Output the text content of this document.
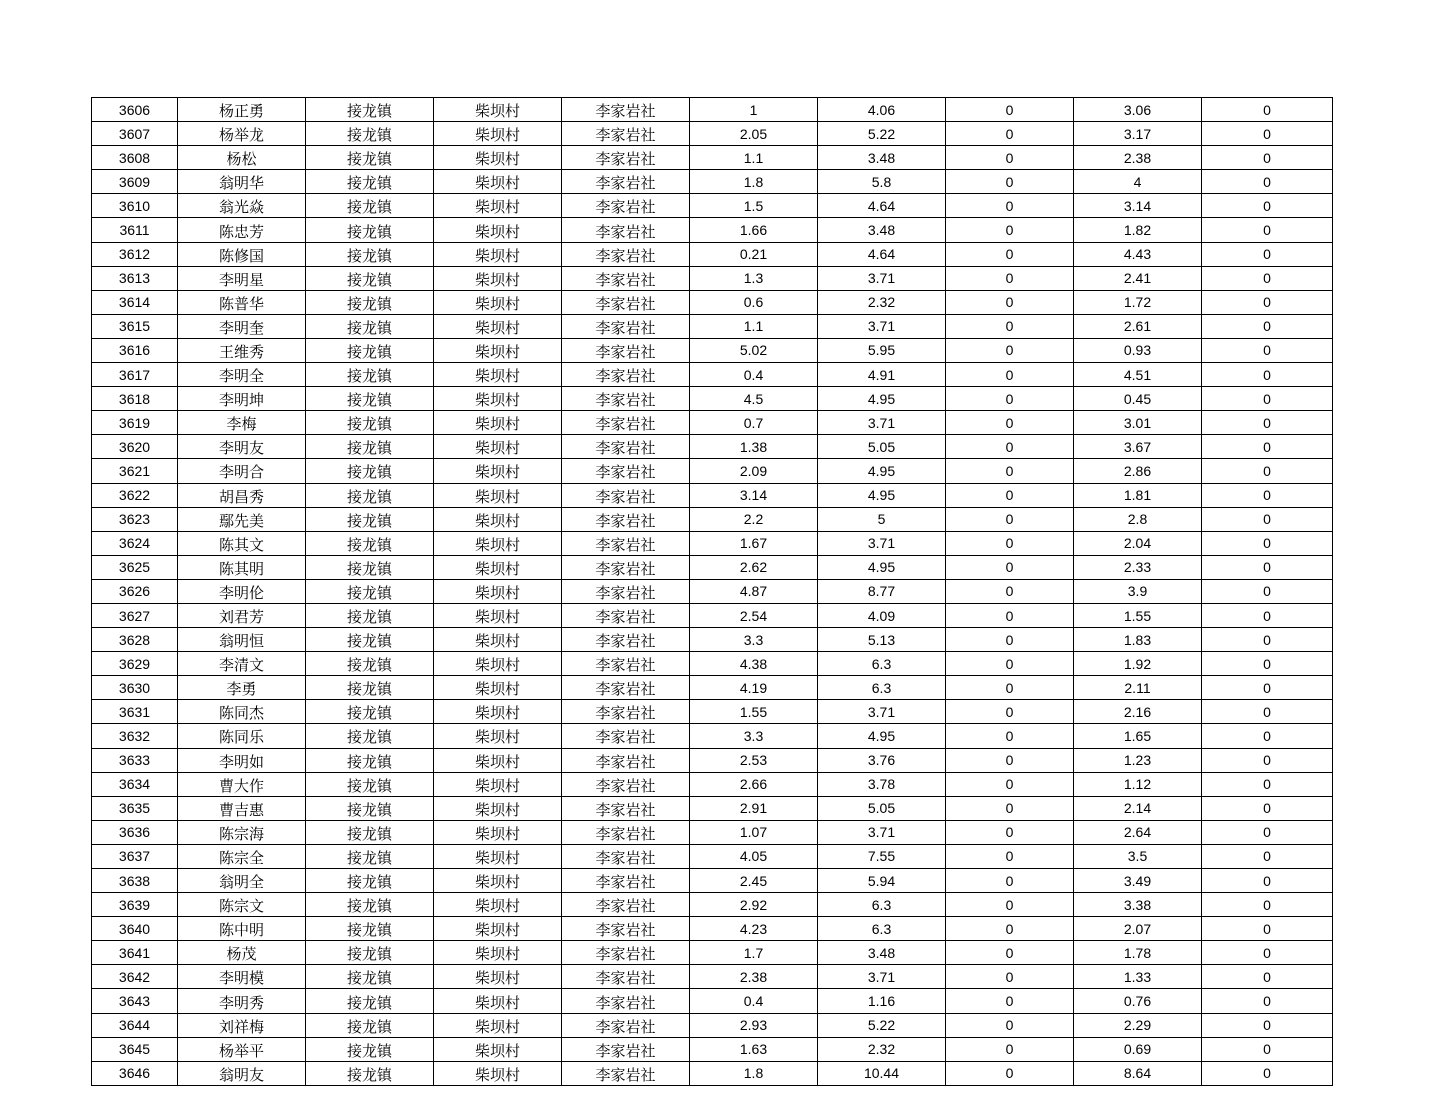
3606	杨正勇	接龙镇	柴坝村	李家岩社	1	4.06	0	3.06	0
3607	杨举龙	接龙镇	柴坝村	李家岩社	2.05	5.22	0	3.17	0
3608	杨松	接龙镇	柴坝村	李家岩社	1.1	3.48	0	2.38	0
3609	翁明华	接龙镇	柴坝村	李家岩社	1.8	5.8	0	4	0
3610	翁光焱	接龙镇	柴坝村	李家岩社	1.5	4.64	0	3.14	0
3611	陈忠芳	接龙镇	柴坝村	李家岩社	1.66	3.48	0	1.82	0
3612	陈修国	接龙镇	柴坝村	李家岩社	0.21	4.64	0	4.43	0
3613	李明星	接龙镇	柴坝村	李家岩社	1.3	3.71	0	2.41	0
3614	陈普华	接龙镇	柴坝村	李家岩社	0.6	2.32	0	1.72	0
3615	李明奎	接龙镇	柴坝村	李家岩社	1.1	3.71	0	2.61	0
3616	王维秀	接龙镇	柴坝村	李家岩社	5.02	5.95	0	0.93	0
3617	李明全	接龙镇	柴坝村	李家岩社	0.4	4.91	0	4.51	0
3618	李明坤	接龙镇	柴坝村	李家岩社	4.5	4.95	0	0.45	0
3619	李梅	接龙镇	柴坝村	李家岩社	0.7	3.71	0	3.01	0
3620	李明友	接龙镇	柴坝村	李家岩社	1.38	5.05	0	3.67	0
3621	李明合	接龙镇	柴坝村	李家岩社	2.09	4.95	0	2.86	0
3622	胡昌秀	接龙镇	柴坝村	李家岩社	3.14	4.95	0	1.81	0
3623	鄢先美	接龙镇	柴坝村	李家岩社	2.2	5	0	2.8	0
3624	陈其文	接龙镇	柴坝村	李家岩社	1.67	3.71	0	2.04	0
3625	陈其明	接龙镇	柴坝村	李家岩社	2.62	4.95	0	2.33	0
3626	李明伦	接龙镇	柴坝村	李家岩社	4.87	8.77	0	3.9	0
3627	刘君芳	接龙镇	柴坝村	李家岩社	2.54	4.09	0	1.55	0
3628	翁明恒	接龙镇	柴坝村	李家岩社	3.3	5.13	0	1.83	0
3629	李清文	接龙镇	柴坝村	李家岩社	4.38	6.3	0	1.92	0
3630	李勇	接龙镇	柴坝村	李家岩社	4.19	6.3	0	2.11	0
3631	陈同杰	接龙镇	柴坝村	李家岩社	1.55	3.71	0	2.16	0
3632	陈同乐	接龙镇	柴坝村	李家岩社	3.3	4.95	0	1.65	0
3633	李明如	接龙镇	柴坝村	李家岩社	2.53	3.76	0	1.23	0
3634	曹大作	接龙镇	柴坝村	李家岩社	2.66	3.78	0	1.12	0
3635	曹吉惠	接龙镇	柴坝村	李家岩社	2.91	5.05	0	2.14	0
3636	陈宗海	接龙镇	柴坝村	李家岩社	1.07	3.71	0	2.64	0
3637	陈宗全	接龙镇	柴坝村	李家岩社	4.05	7.55	0	3.5	0
3638	翁明全	接龙镇	柴坝村	李家岩社	2.45	5.94	0	3.49	0
3639	陈宗文	接龙镇	柴坝村	李家岩社	2.92	6.3	0	3.38	0
3640	陈中明	接龙镇	柴坝村	李家岩社	4.23	6.3	0	2.07	0
3641	杨茂	接龙镇	柴坝村	李家岩社	1.7	3.48	0	1.78	0
3642	李明模	接龙镇	柴坝村	李家岩社	2.38	3.71	0	1.33	0
3643	李明秀	接龙镇	柴坝村	李家岩社	0.4	1.16	0	0.76	0
3644	刘祥梅	接龙镇	柴坝村	李家岩社	2.93	5.22	0	2.29	0
3645	杨举平	接龙镇	柴坝村	李家岩社	1.63	2.32	0	0.69	0
3646	翁明友	接龙镇	柴坝村	李家岩社	1.8	10.44	0	8.64	0
